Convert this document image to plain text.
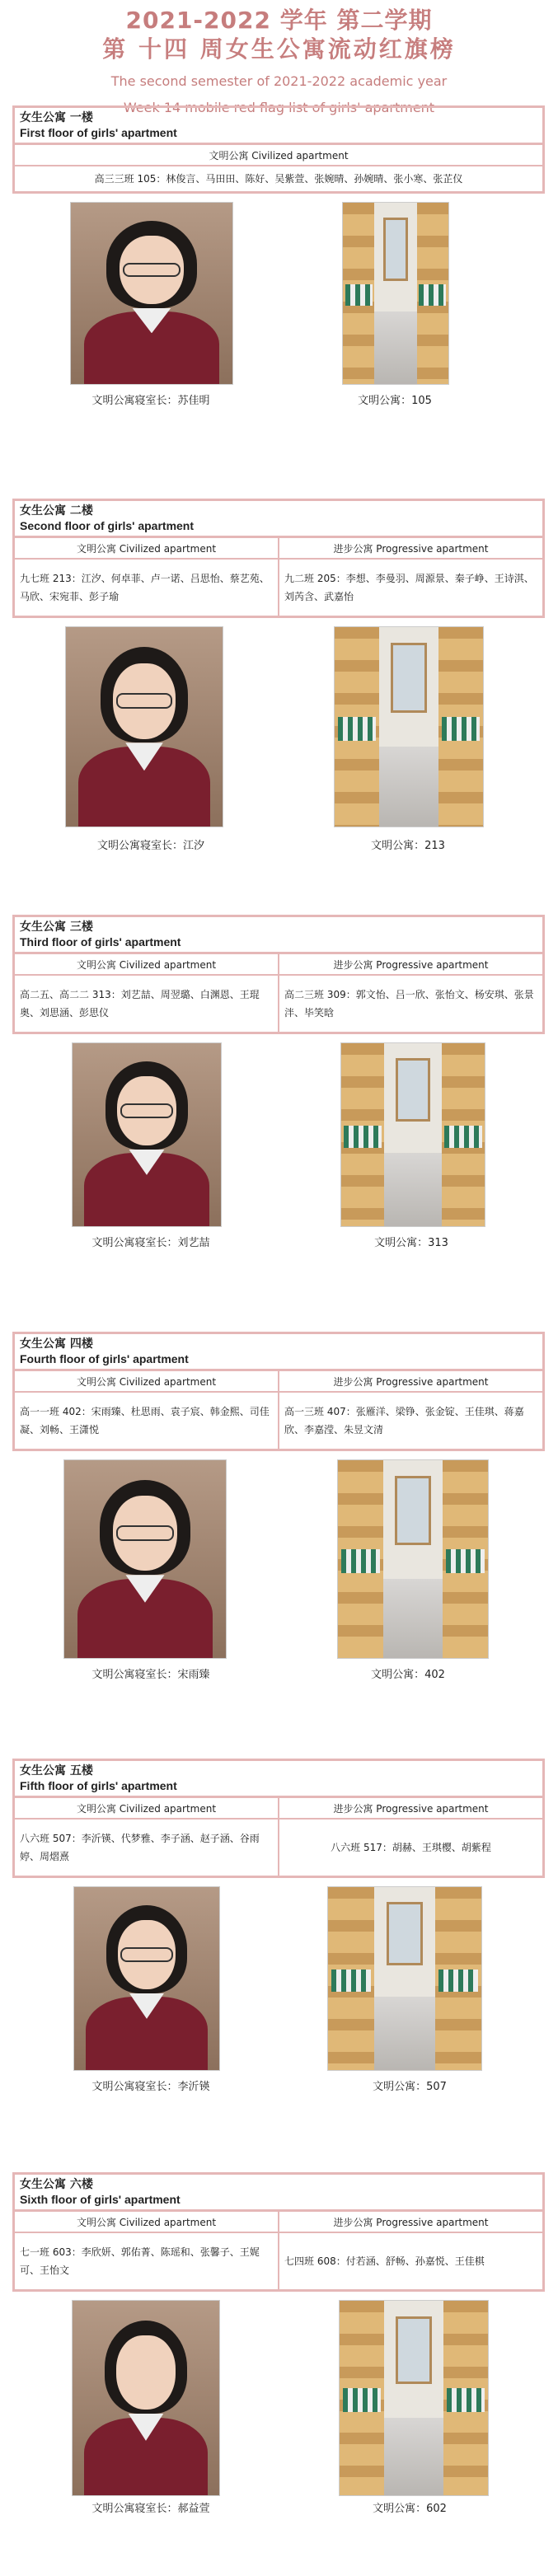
2021-2022 学年 第二学期
第 十四 周女生公寓流动红旗榜
The second semester of 2021-2022 academic year
Week 14 mobile red flag list of girls' apartment
女生公寓 一楼
First floor of girls' apartment
文明公寓 Civilized apartment
高三三班 105：林俊言、马田田、陈好、吴紫萱、张婉晴、孙婉晴、张小寒、张芷仪
文明公寓寝室长：苏佳明	文明公寓：105
女生公寓 二楼
Second floor of girls' apartment
文明公寓 Civilized apartment	进步公寓 Progressive apartment
九七班 213：江汐、何卓菲、卢一诺、吕思怡、蔡艺苑、马欣、宋宛菲、彭子瑜	九二班 205：李想、李曼羽、周源景、秦子峥、王诗淇、刘芮含、武嘉怡
文明公寓寝室长：江汐	文明公寓：213
女生公寓 三楼
Third floor of girls' apartment
文明公寓 Civilized apartment	进步公寓 Progressive apartment
高二五、高二二 313：刘艺喆、周翌璐、白渊恩、王琨奥、刘思涵、彭思仪	高二三班 309：郭文怡、吕一欣、张怡文、杨安琪、张景泮、毕笑晗
文明公寓寝室长：刘艺喆	文明公寓：313
女生公寓 四楼
Fourth floor of girls' apartment
文明公寓 Civilized apartment	进步公寓 Progressive apartment
高一一班 402：宋雨臻、杜思雨、袁子宸、韩金熙、司佳凝、刘畅、王潇悦	高一三班 407：张雁洋、梁铮、张金锭、王佳琪、蒋嘉欣、李嘉滢、朱昱文清
文明公寓寝室长：宋雨臻	文明公寓：402
女生公寓 五楼
Fifth floor of girls' apartment
文明公寓 Civilized apartment	进步公寓 Progressive apartment
八六班 507：李沂锳、代梦雅、李子涵、赵子涵、谷雨婷、周熠熹	八六班 517：胡赫、王琪樱、胡紫程
文明公寓寝室长：李沂锳	文明公寓：507
女生公寓 六楼
Sixth floor of girls' apartment
文明公寓 Civilized apartment	进步公寓 Progressive apartment
七一班 603：李欣妍、郭佑菁、陈瑶和、张馨子、王娓可、王怡文	七四班 608：付若涵、舒畅、孙嘉悦、王佳棋
文明公寓寝室长：郝益萱	文明公寓：602
